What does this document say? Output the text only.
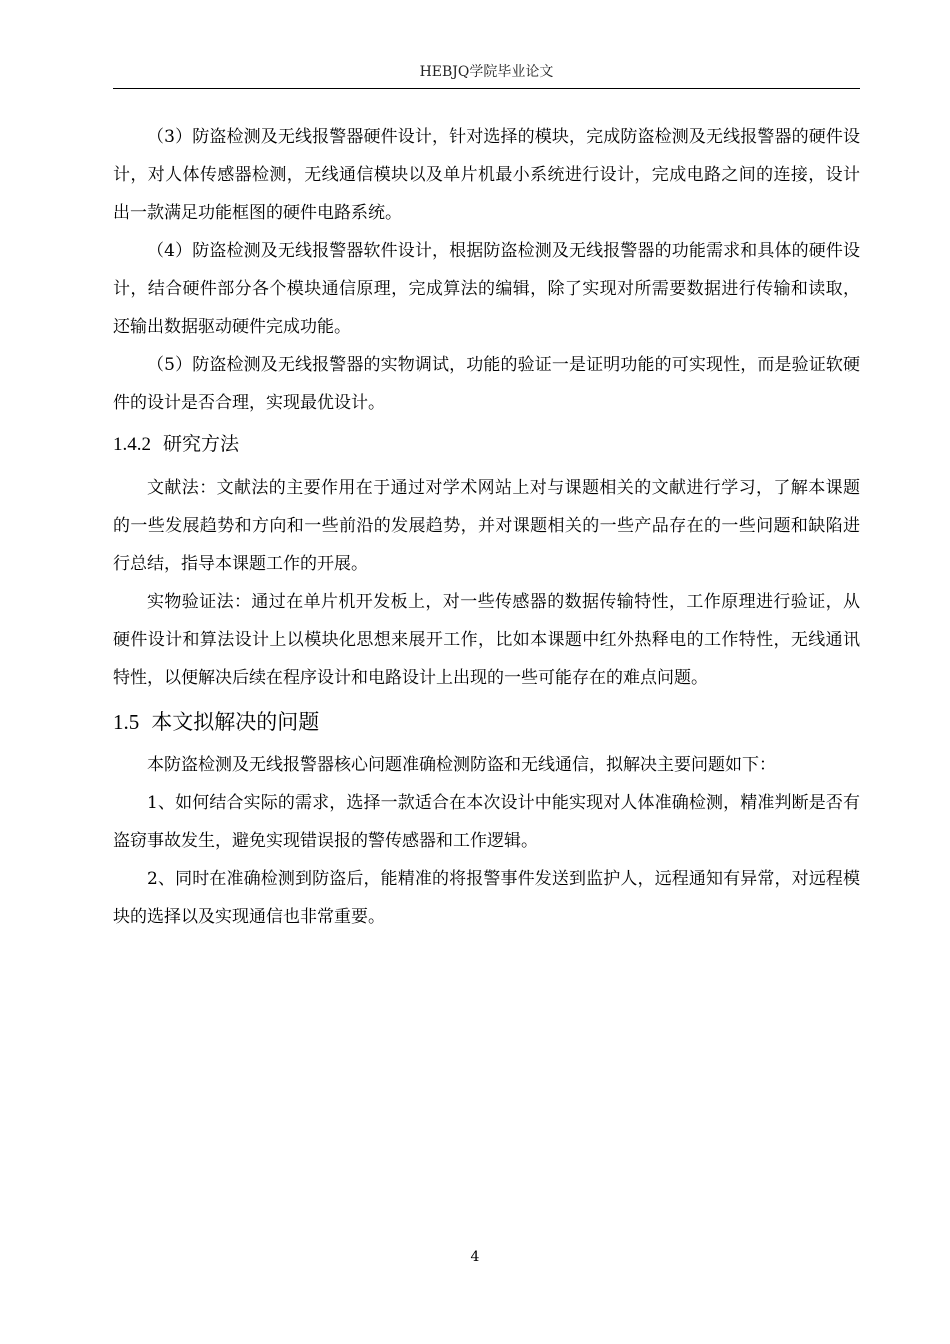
HEBJQ学院毕业论文

（3）防盗检测及无线报警器硬件设计，针对选择的模块，完成防盗检测及无线报警器的硬件设计，对人体传感器检测，无线通信模块以及单片机最小系统进行设计，完成电路之间的连接，设计出一款满足功能框图的硬件电路系统。

（4）防盗检测及无线报警器软件设计，根据防盗检测及无线报警器的功能需求和具体的硬件设计，结合硬件部分各个模块通信原理，完成算法的编辑，除了实现对所需要数据进行传输和读取，还输出数据驱动硬件完成功能。

（5）防盗检测及无线报警器的实物调试，功能的验证一是证明功能的可实现性，而是验证软硬件的设计是否合理，实现最优设计。

1.4.2 研究方法

文献法：文献法的主要作用在于通过对学术网站上对与课题相关的文献进行学习，了解本课题的一些发展趋势和方向和一些前沿的发展趋势，并对课题相关的一些产品存在的一些问题和缺陷进行总结，指导本课题工作的开展。

实物验证法：通过在单片机开发板上，对一些传感器的数据传输特性，工作原理进行验证，从硬件设计和算法设计上以模块化思想来展开工作，比如本课题中红外热释电的工作特性，无线通讯特性，以便解决后续在程序设计和电路设计上出现的一些可能存在的难点问题。

1.5 本文拟解决的问题

本防盗检测及无线报警器核心问题准确检测防盗和无线通信，拟解决主要问题如下：

1、如何结合实际的需求，选择一款适合在本次设计中能实现对人体准确检测，精准判断是否有盗窃事故发生，避免实现错误报的警传感器和工作逻辑。

2、同时在准确检测到防盗后，能精准的将报警事件发送到监护人，远程通知有异常，对远程模块的选择以及实现通信也非常重要。

4
